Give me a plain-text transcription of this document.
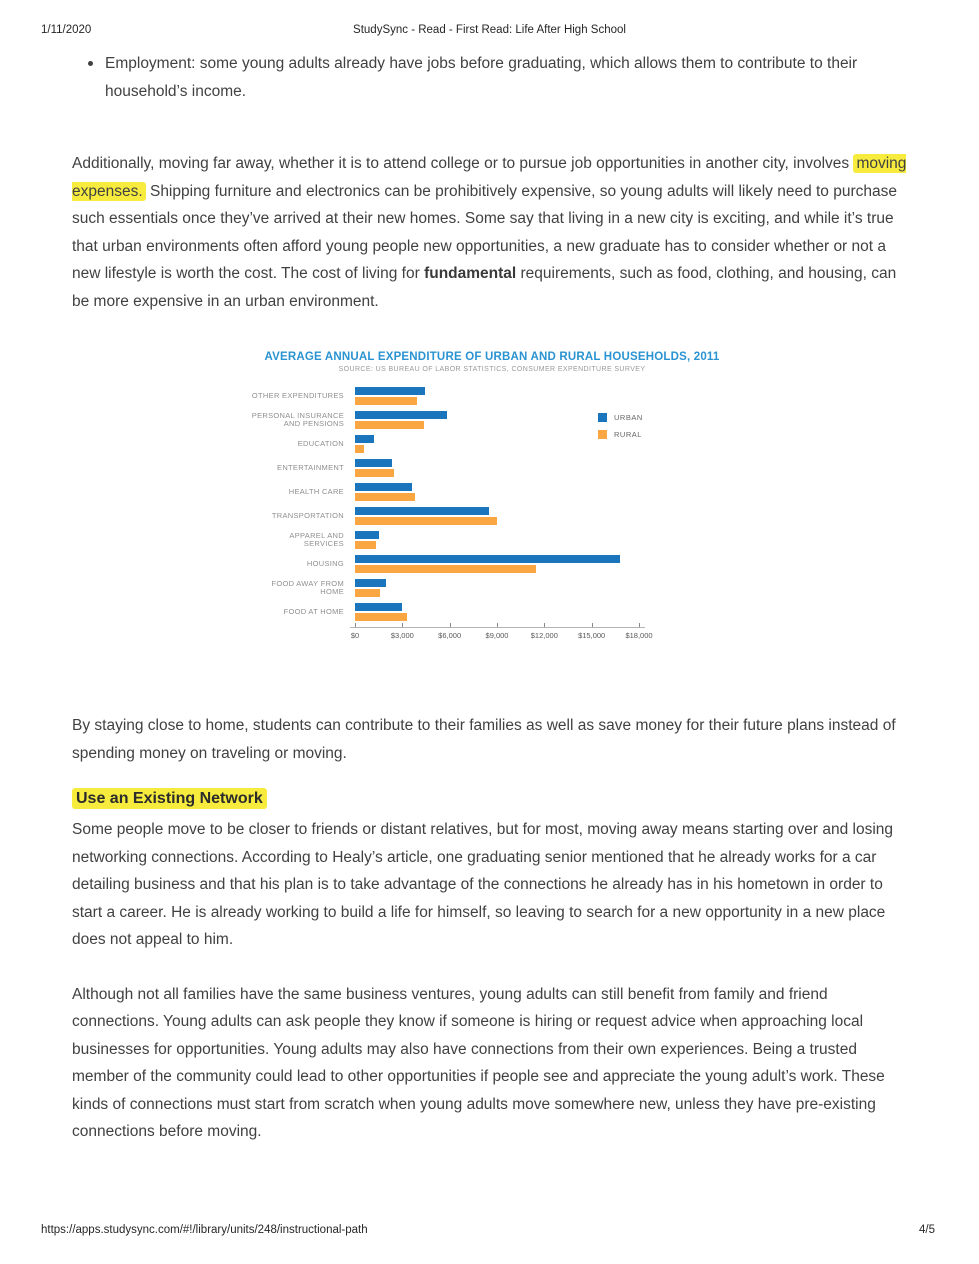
1/11/2020	StudySync - Read - First Read: Life After High School
Employment: some young adults already have jobs before graduating, which allows them to contribute to their household’s income.

Additionally, moving far away, whether it is to attend college or to pursue job opportunities in another city, involves moving expenses. Shipping furniture and electronics can be prohibitively expensive, so young adults will likely need to purchase such essentials once they’ve arrived at their new homes. Some say that living in a new city is exciting, and while it’s true that urban environments often afford young people new opportunities, a new graduate has to consider whether or not a new lifestyle is worth the cost. The cost of living for fundamental requirements, such as food, clothing, and housing, can be more expensive in an urban environment.

AVERAGE ANNUAL EXPENDITURE OF URBAN AND RURAL HOUSEHOLDS, 2011
SOURCE: US BUREAU OF LABOR STATISTICS, CONSUMER EXPENDITURE SURVEY
OTHER EXPENDITURES
PERSONAL INSURANCE AND PENSIONS
EDUCATION
ENTERTAINMENT
HEALTH CARE
TRANSPORTATION
APPAREL AND SERVICES
HOUSING
FOOD AWAY FROM HOME
FOOD AT HOME
$0	$3,000	$6,000	$9,000	$12,000	$15,000	$18,000
URBAN
RURAL

By staying close to home, students can contribute to their families as well as save money for their future plans instead of spending money on traveling or moving.

Use an Existing Network

Some people move to be closer to friends or distant relatives, but for most, moving away means starting over and losing networking connections. According to Healy’s article, one graduating senior mentioned that he already works for a car detailing business and that his plan is to take advantage of the connections he already has in his hometown in order to start a career. He is already working to build a life for himself, so leaving to search for a new opportunity in a new place does not appeal to him.

Although not all families have the same business ventures, young adults can still benefit from family and friend connections. Young adults can ask people they know if someone is hiring or request advice when approaching local businesses for opportunities. Young adults may also have connections from their own experiences. Being a trusted member of the community could lead to other opportunities if people see and appreciate the young adult’s work. These kinds of connections must start from scratch when young adults move somewhere new, unless they have pre-existing connections before moving.

https://apps.studysync.com/#!/library/units/248/instructional-path	4/5
